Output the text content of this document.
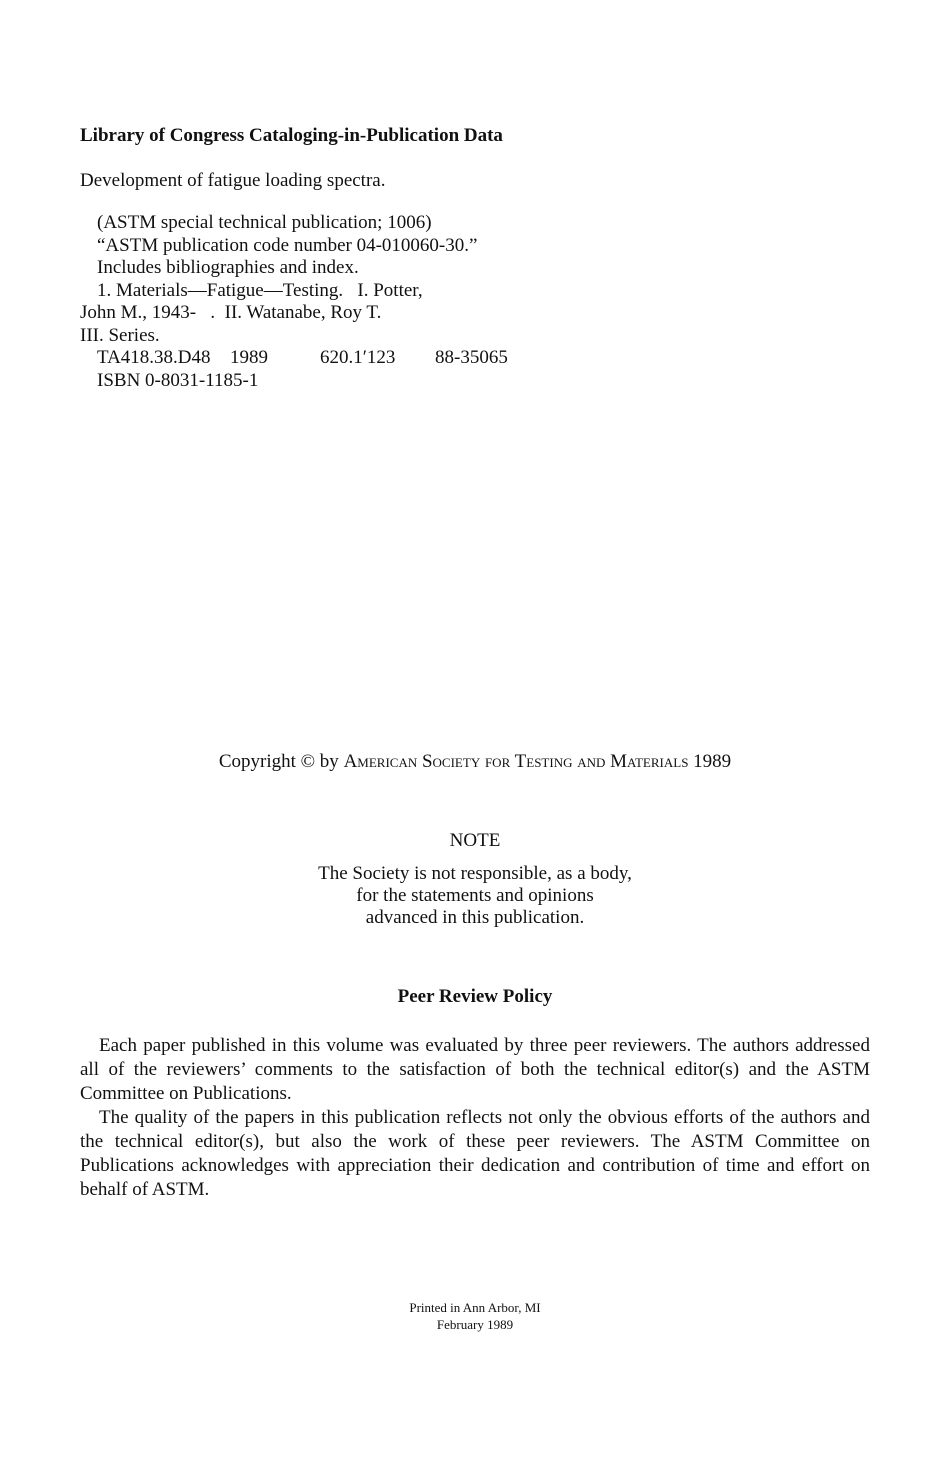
Library of Congress Cataloging-in-Publication Data
Development of fatigue loading spectra.
(ASTM special technical publication; 1006)
“ASTM publication code number 04-010060-30.”
Includes bibliographies and index.
1. Materials—Fatigue—Testing.   I. Potter,
John M., 1943-   .  II. Watanabe, Roy T.
III. Series.
TA418.38.D48 1989	620.1′123 88-35065
ISBN 0-8031-1185-1
Copyright © by American Society for Testing and Materials 1989
NOTE
The Society is not responsible, as a body,
for the statements and opinions
advanced in this publication.
Peer Review Policy

Each paper published in this volume was evaluated by three peer reviewers. The authors addressed all of the reviewers’ comments to the satisfaction of both the technical editor(s) and the ASTM Committee on Publications.

The quality of the papers in this publication reflects not only the obvious efforts of the authors and the technical editor(s), but also the work of these peer reviewers. The ASTM Committee on Publications acknowledges with appreciation their dedication and contribution of time and effort on behalf of ASTM.

Printed in Ann Arbor, MI
February 1989
